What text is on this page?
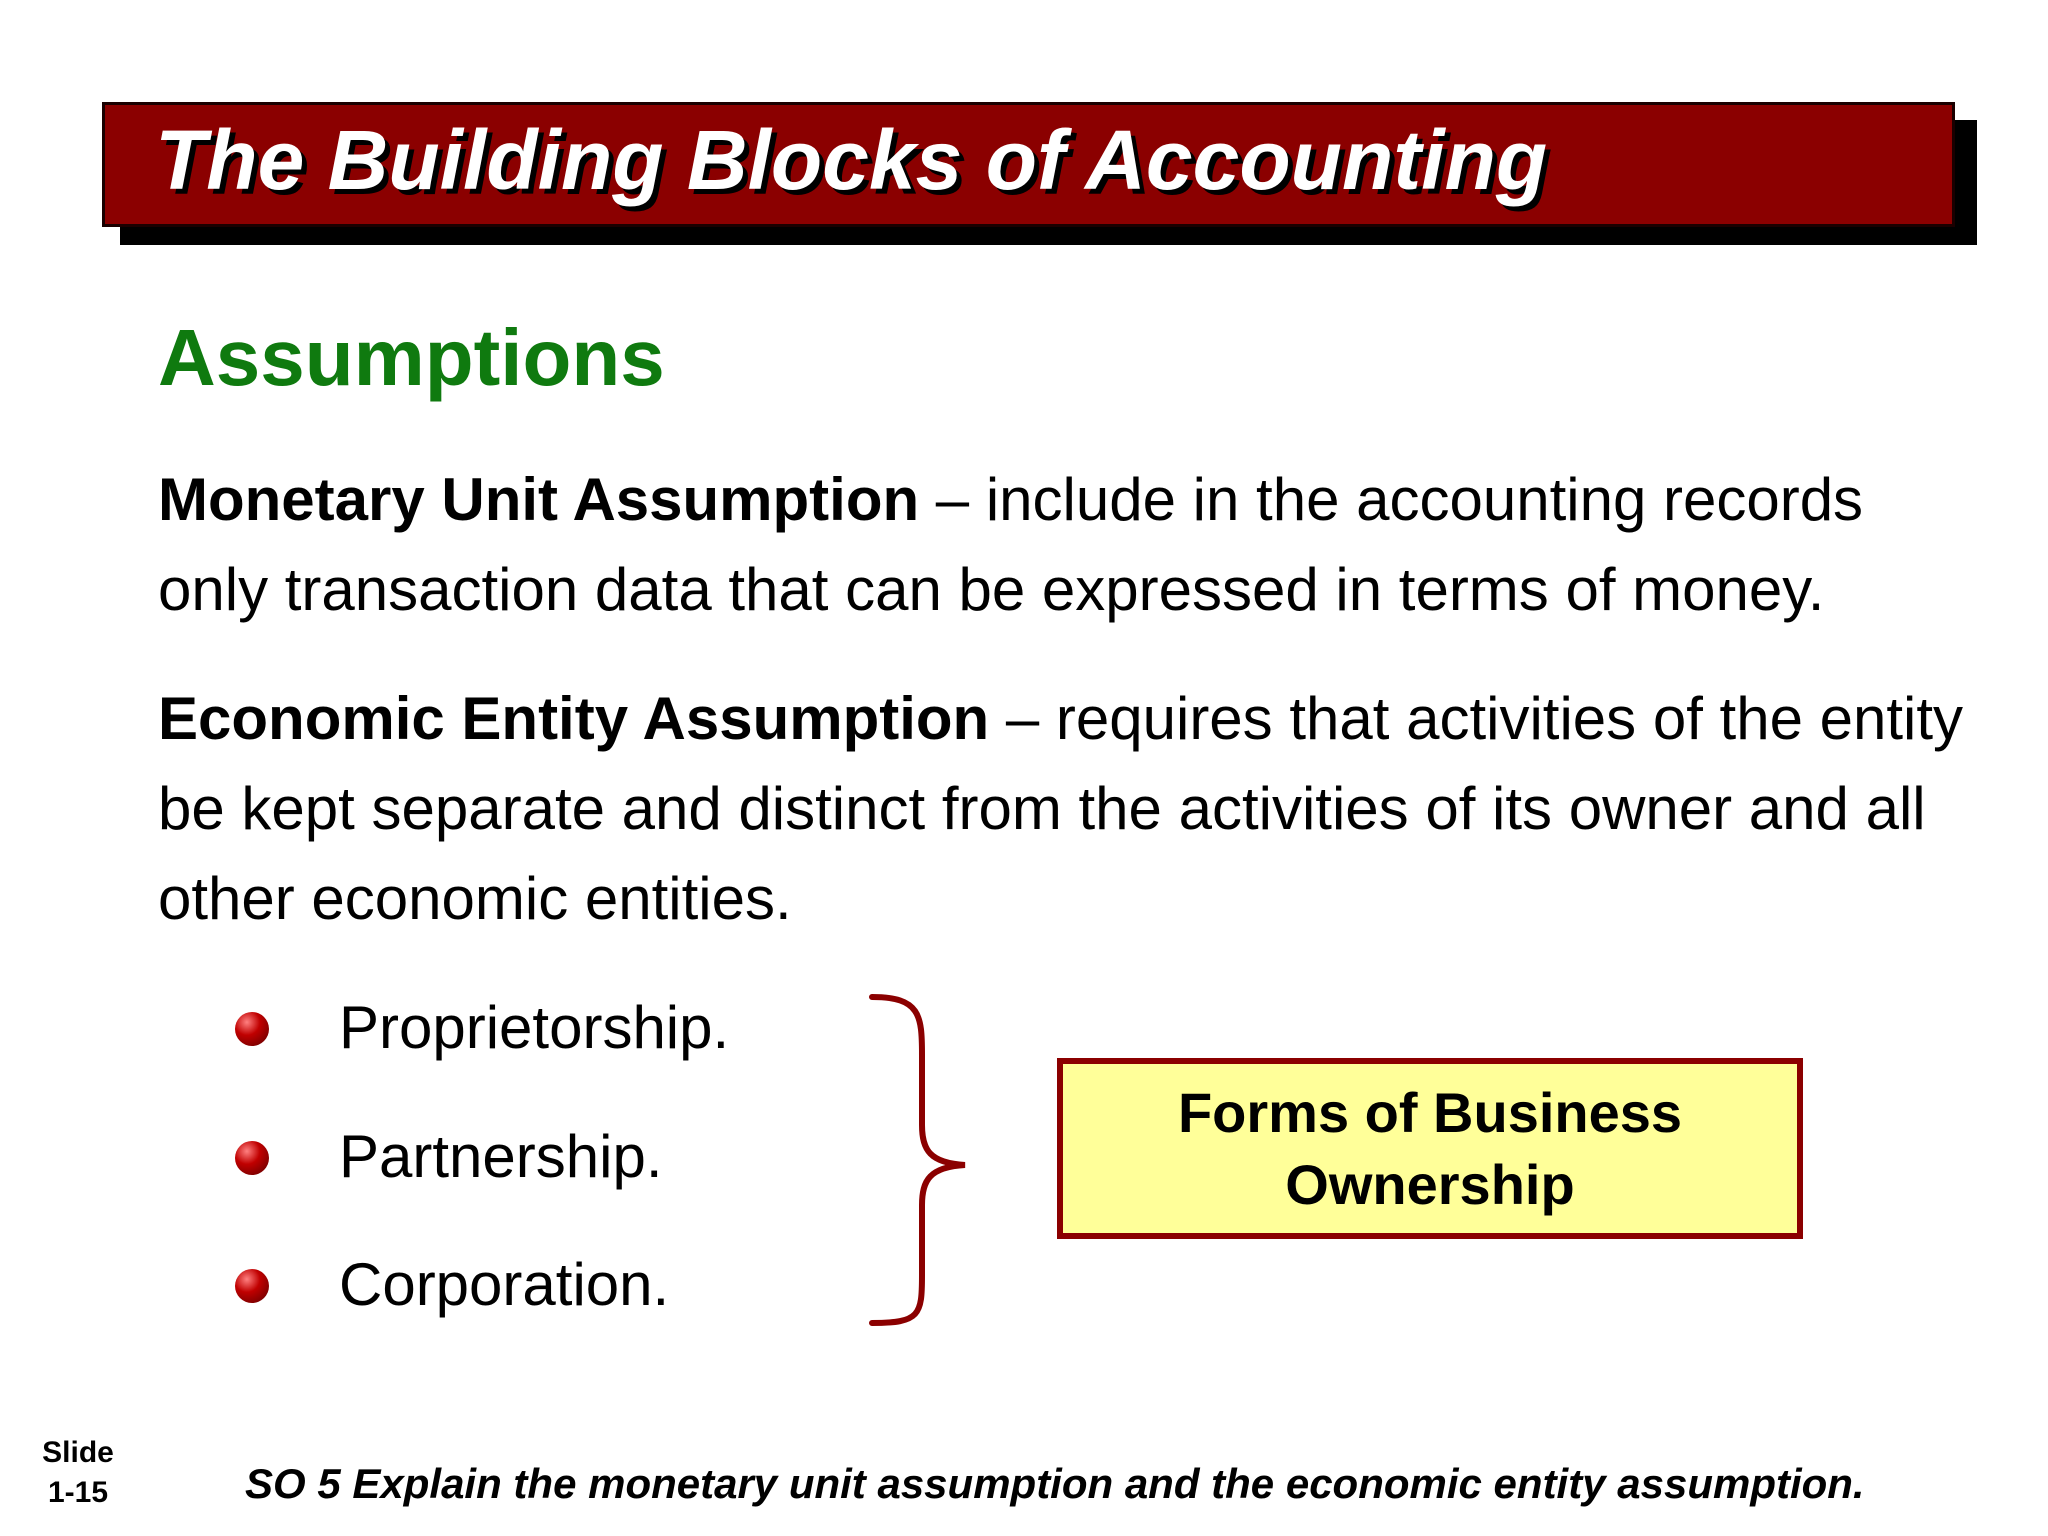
The Building Blocks of Accounting
Assumptions
Monetary Unit Assumption – include in the accounting records only transaction data that can be expressed in terms of money.
Economic Entity Assumption – requires that activities of the entity be kept separate and distinct from the activities of its owner and all other economic entities.
Proprietorship.
Partnership.
Corporation.
Forms of Business
Ownership
Slide
1-15	SO 5 Explain the monetary unit assumption and the economic entity assumption.
